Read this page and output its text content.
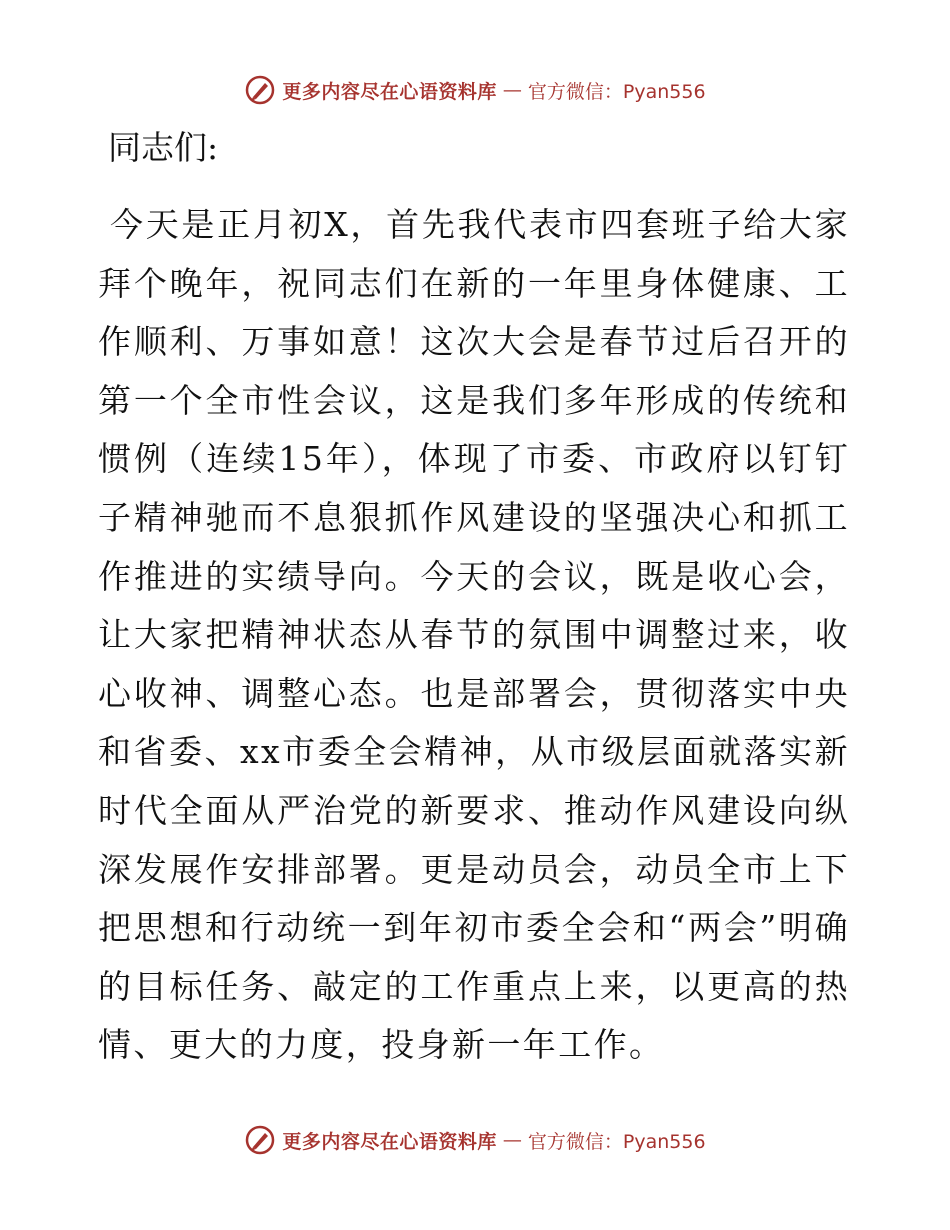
更多内容尽在心语资料库 — 官方微信：Pyan556

同志们:

今天是正月初X，首先我代表市四套班子给大家拜个晚年，祝同志们在新的一年里身体健康、工作顺利、万事如意！这次大会是春节过后召开的第一个全市性会议，这是我们多年形成的传统和惯例（连续15年），体现了市委、市政府以钉钉子精神驰而不息狠抓作风建设的坚强决心和抓工作推进的实绩导向。今天的会议，既是收心会，让大家把精神状态从春节的氛围中调整过来，收心收神、调整心态。也是部署会，贯彻落实中央和省委、xx市委全会精神，从市级层面就落实新时代全面从严治党的新要求、推动作风建设向纵深发展作安排部署。更是动员会，动员全市上下把思想和行动统一到年初市委全会和“两会”明确的目标任务、敲定的工作重点上来，以更高的热情、更大的力度，投身新一年工作。

更多内容尽在心语资料库 — 官方微信：Pyan556
